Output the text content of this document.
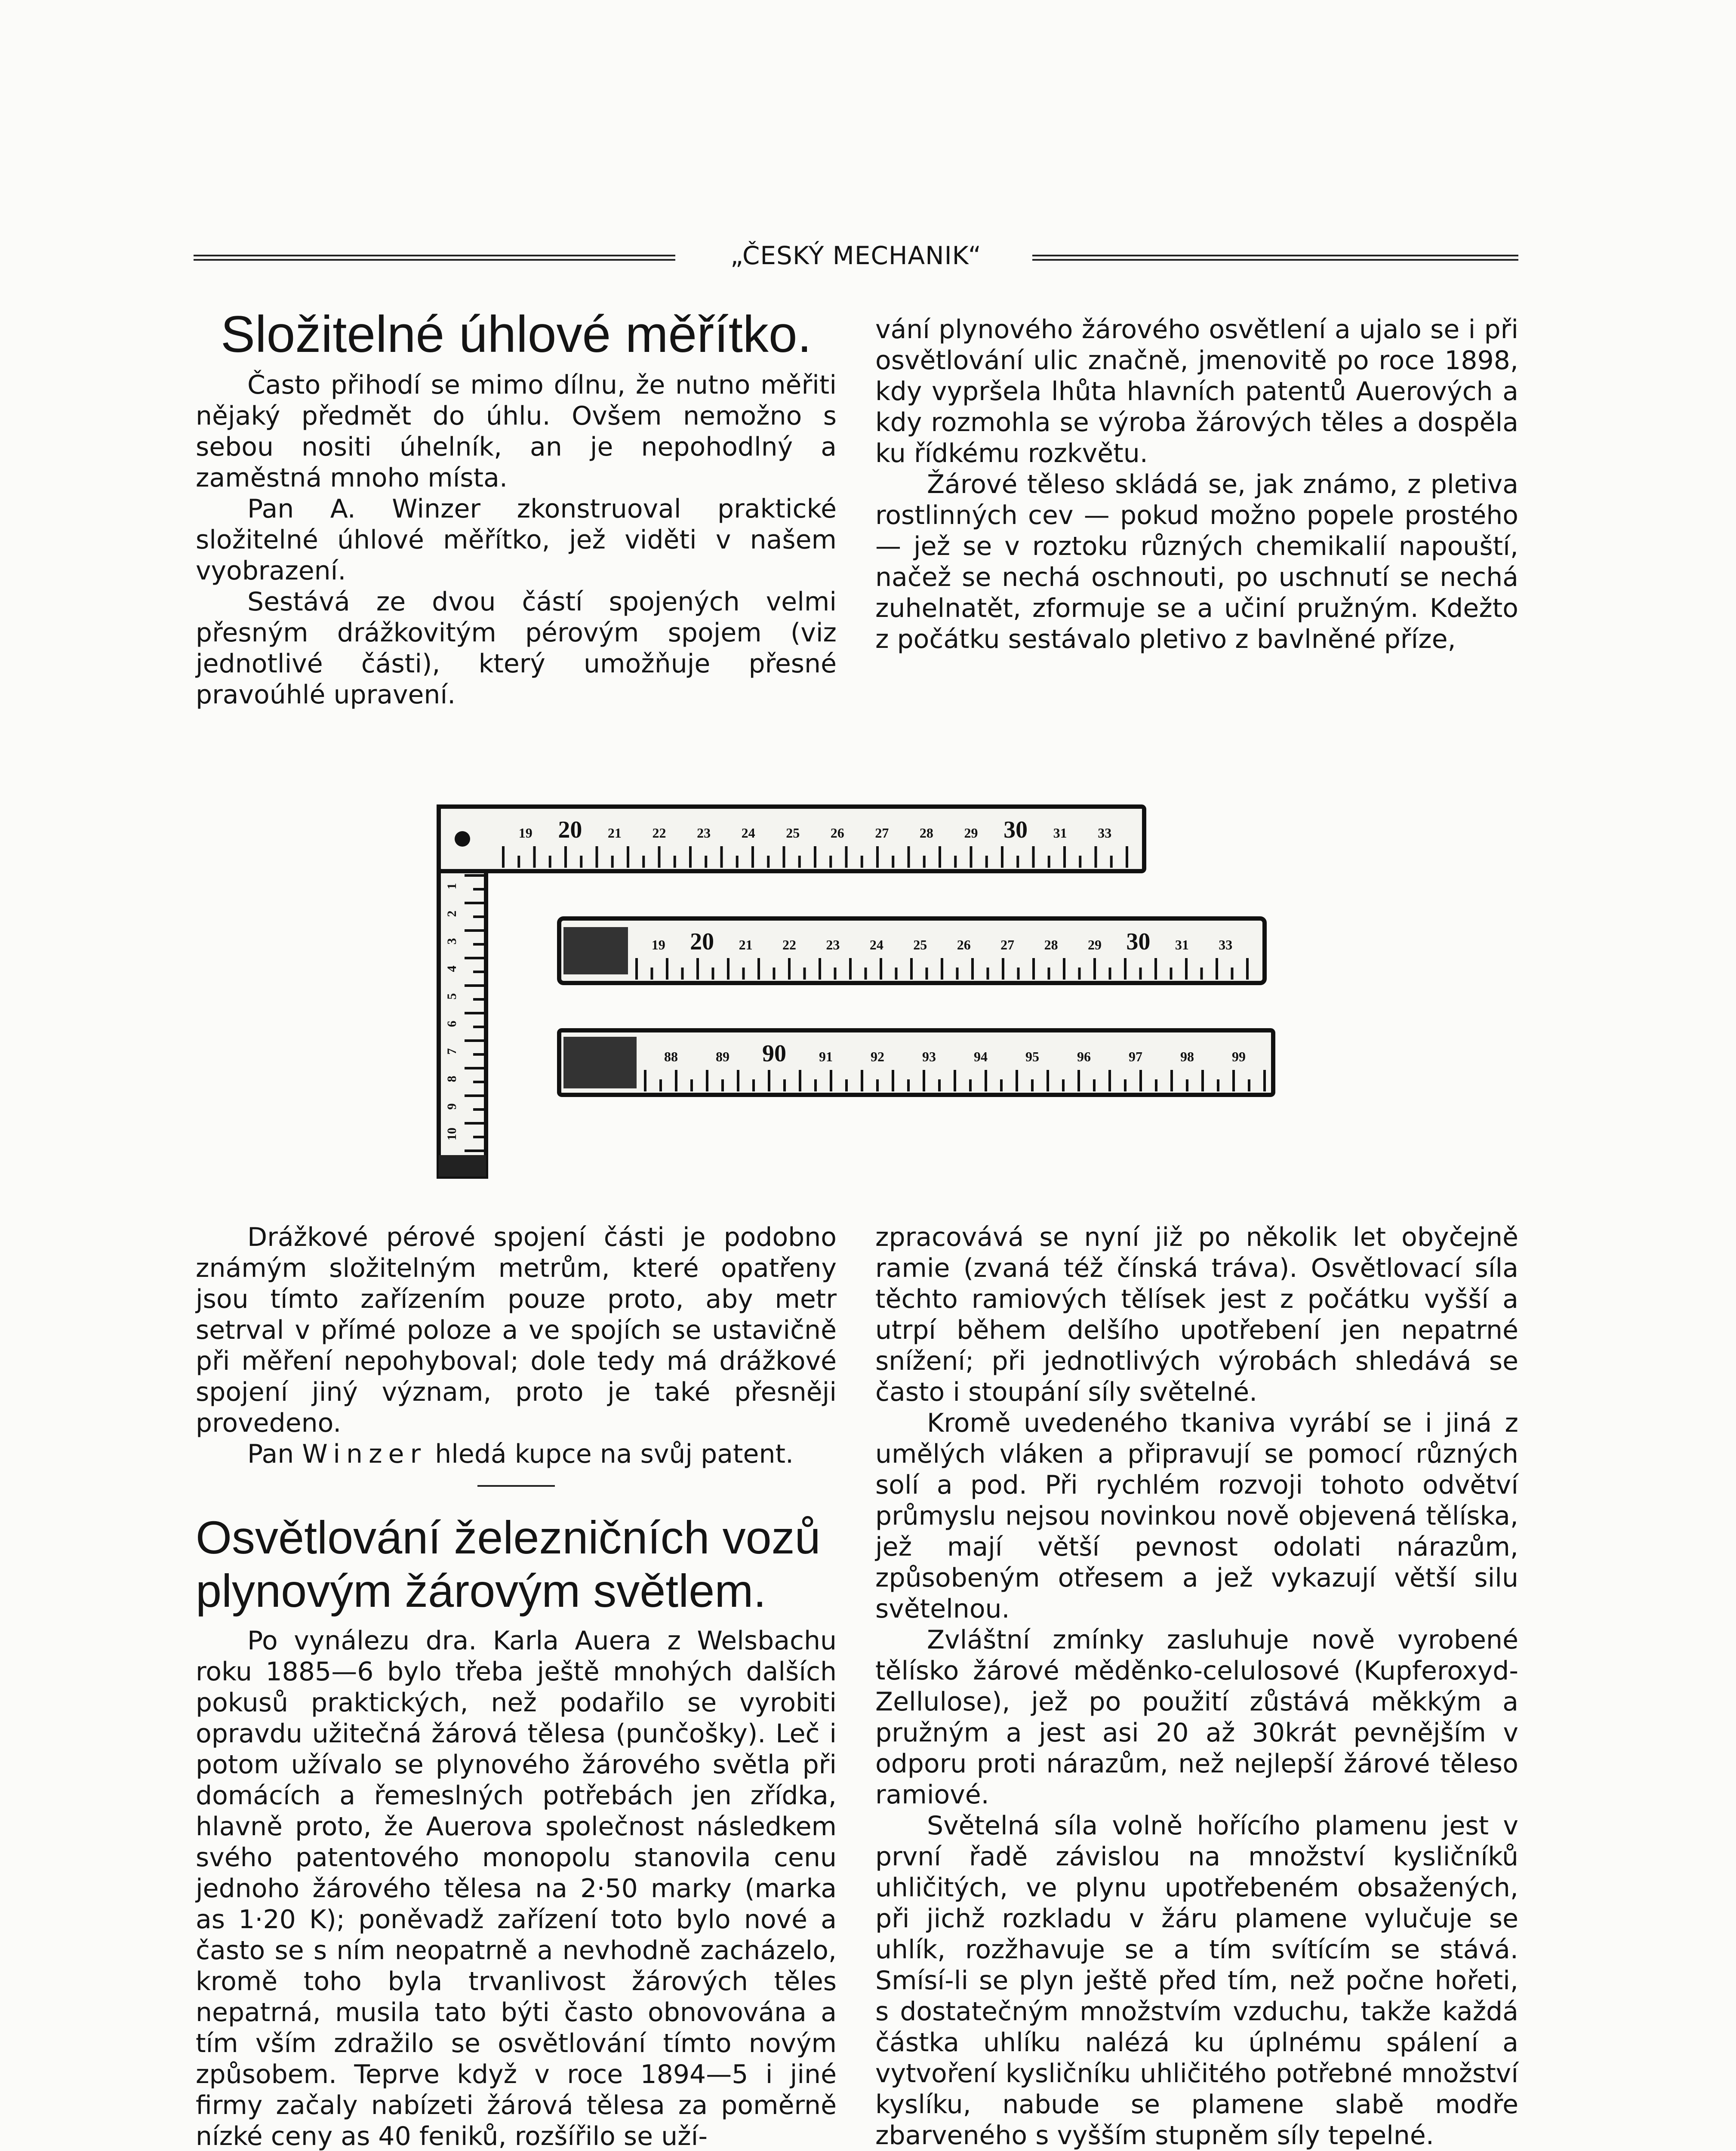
„ČESKÝ MECHANIK“
Složitelné úhlové měřítko.

Často přihodí se mimo dílnu, že nutno měřiti nějaký předmět do úhlu. Ovšem nemožno s sebou nositi úhelník, an je nepohodlný a zaměstná mnoho místa.

Pan A. Winzer zkonstruoval praktické složitelné úhlové měřítko, jež viděti v našem vyobrazení.

Sestává ze dvou částí spojených velmi přesným drážkovitým pérovým spojem (viz jednotlivé části), který umožňuje přesné pravoúhlé upravení.

vání plynového žárového osvětlení a ujalo se i při osvětlování ulic značně, jmenovitě po roce 1898, kdy vypršela lhůta hlavních patentů Auerových a kdy rozmohla se výroba žárových těles a dospěla ku řídkému rozkvětu.

Žárové těleso skládá se, jak známo, z pletiva rostlinných cev — pokud možno popele prostého — jež se v roztoku různých chemikalií napouští, načež se nechá oschnouti, po uschnutí se nechá zuhelnatět, zformuje se a učiní pružným. Kdežto z počátku sestávalo pletivo z bavlněné příze,

19 20 21 22 23 24 25 26 27 28 29 30 31 33
19 20 21 22 23 24 25 26 27 28 29 30 31 33
88	89 90 91	92	93	94	95	96	97	98	99
1
2
3
4
5
6
7
8
9
10

Drážkové pérové spojení části je podobno známým složitelným metrům, které opatřeny jsou tímto zařízením pouze proto, aby metr setrval v přímé poloze a ve spojích se ustavičně při měření nepohyboval; dole tedy má drážkové spojení jiný význam, proto je také přesněji provedeno.

Pan Winzer hledá kupce na svůj patent.

Osvětlování železničních vozů
plynovým žárovým světlem.

Po vynálezu dra. Karla Auera z Welsbachu roku 1885—6 bylo třeba ještě mnohých dalších pokusů praktických, než podařilo se vyrobiti opravdu užitečná žárová tělesa (punčošky). Leč i potom užívalo se plynového žárového světla při domácích a řemeslných potřebách jen zřídka, hlavně proto, že Auerova společnost následkem svého patentového monopolu stanovila cenu jednoho žárového tělesa na 2·50 marky (marka as 1·20 K); poněvadž zařízení toto bylo nové a často se s ním neopatrně a nevhodně zacházelo, kromě toho byla trvanlivost žárových těles nepatrná, musila tato býti často obnovována a tím vším zdražilo se osvětlování tímto novým způsobem. Teprve když v roce 1894—5 i jiné firmy začaly nabízeti žárová tělesa za poměrně nízké ceny as 40 feniků, rozšířilo se uží-

zpracovává se nyní již po několik let obyčejně ramie (zvaná též čínská tráva). Osvětlovací síla těchto ramiových tělísek jest z počátku vyšší a utrpí během delšího upotřebení jen nepatrné snížení; při jednotlivých výrobách shledává se často i stoupání síly světelné.

Kromě uvedeného tkaniva vyrábí se i jiná z umělých vláken a připravují se pomocí různých solí a pod. Při rychlém rozvoji tohoto odvětví průmyslu nejsou novinkou nově objevená tělíska, jež mají větší pevnost odolati nárazům, způsobeným otřesem a jež vykazují větší silu světelnou.

Zvláštní zmínky zasluhuje nově vyrobené tělísko žárové měděnko-celulosové (Kupferoxyd-Zellulose), jež po použití zůstává měkkým a pružným a jest asi 20 až 30krát pevnějším v odporu proti nárazům, než nejlepší žárové těleso ramiové.

Světelná síla volně hořícího plamenu jest v první řadě závislou na množství kysličníků uhličitých, ve plynu upotřebeném obsažených, při jichž rozkladu v žáru plamene vylučuje se uhlík, rozžhavuje se a tím svítícím se stává. Smísí-li se plyn ještě před tím, než počne hořeti, s dostatečným množstvím vzduchu, takže každá částka uhlíku nalézá ku úplnému spálení a vytvoření kysličníku uhličitého potřebné množství kyslíku, nabude se plamene slabě modře zbarveného s vyšším stupněm síly tepelné.
